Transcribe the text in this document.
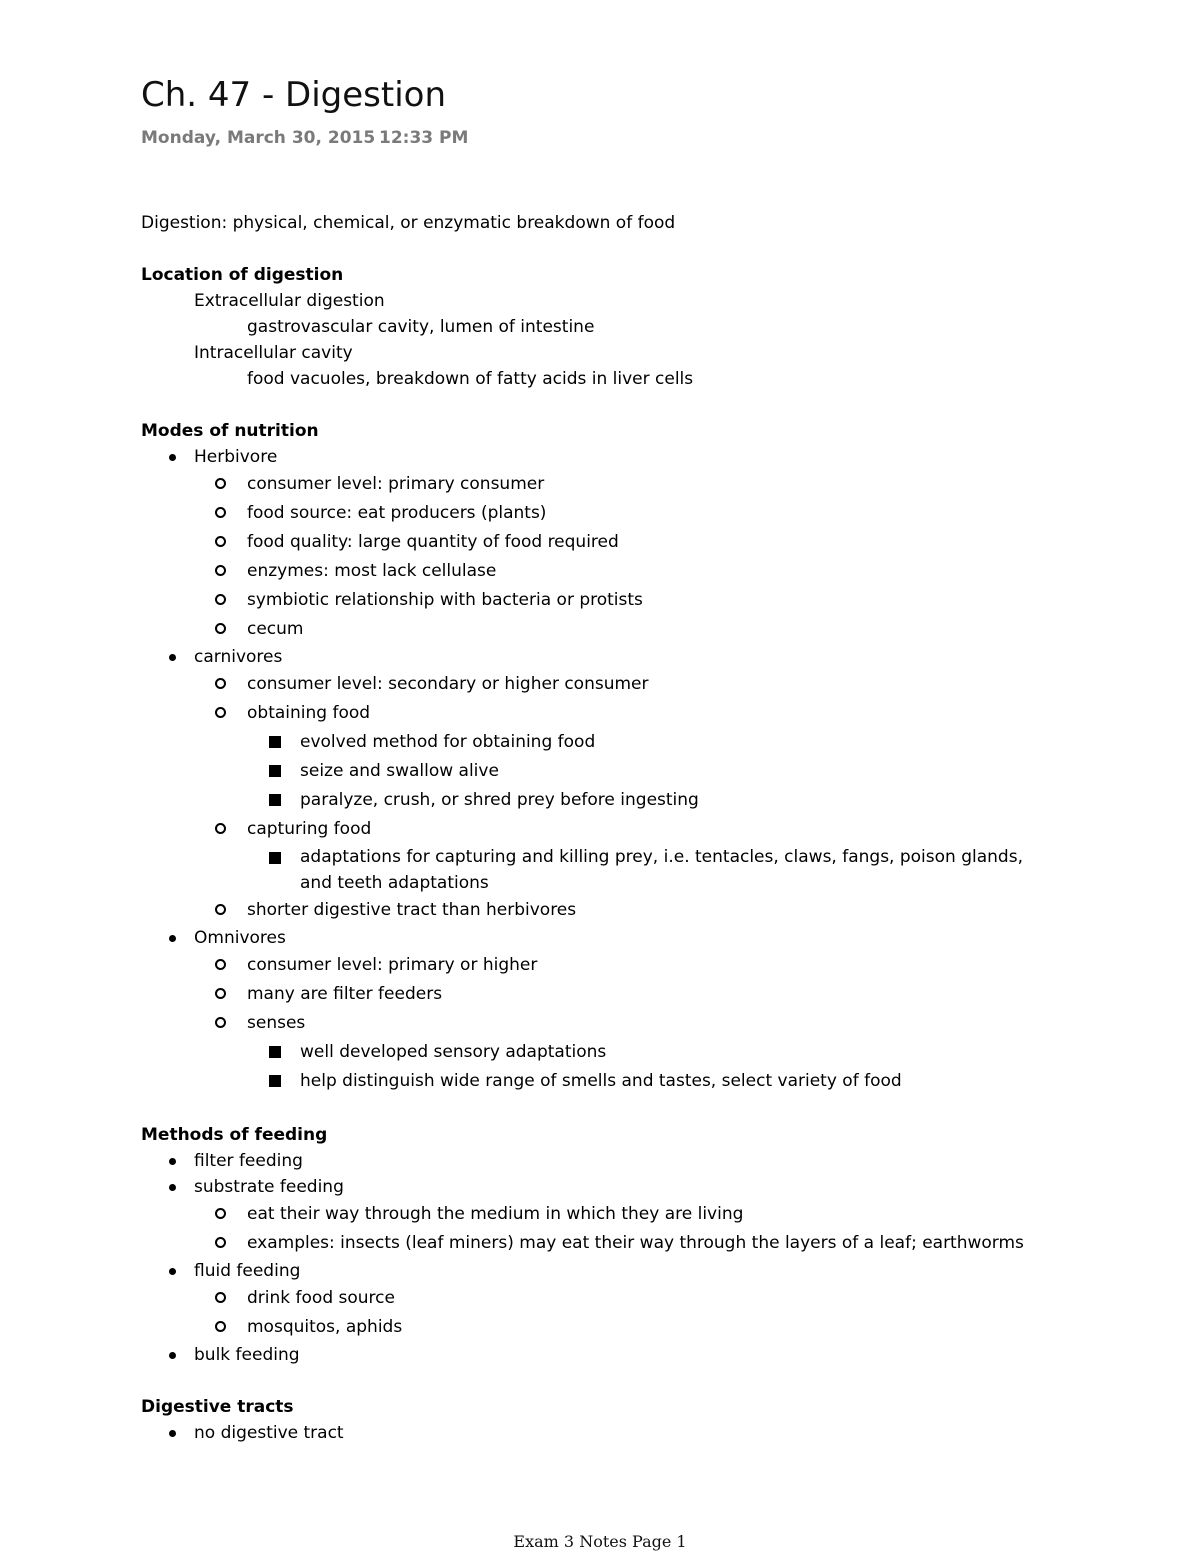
Ch. 47 - Digestion
Monday, March 30, 2015 12:33 PM
Digestion: physical, chemical, or enzymatic breakdown of food
Location of digestion
Extracellular digestion
gastrovascular cavity, lumen of intestine
Intracellular cavity
food vacuoles, breakdown of fatty acids in liver cells
Modes of nutrition
Herbivore
consumer level: primary consumer
food source: eat producers (plants)
food quality: large quantity of food required
enzymes: most lack cellulase
symbiotic relationship with bacteria or protists
cecum
carnivores
consumer level: secondary or higher consumer
obtaining food
evolved method for obtaining food
seize and swallow alive
paralyze, crush, or shred prey before ingesting
capturing food
adaptations for capturing and killing prey, i.e. tentacles, claws, fangs, poison glands, and teeth adaptations
shorter digestive tract than herbivores
Omnivores
consumer level: primary or higher
many are filter feeders
senses
well developed sensory adaptations
help distinguish wide range of smells and tastes, select variety of food
Methods of feeding
filter feeding
substrate feeding
eat their way through the medium in which they are living
examples: insects (leaf miners) may eat their way through the layers of a leaf; earthworms
fluid feeding
drink food source
mosquitos, aphids
bulk feeding
Digestive tracts
no digestive tract
Exam 3 Notes Page 1
